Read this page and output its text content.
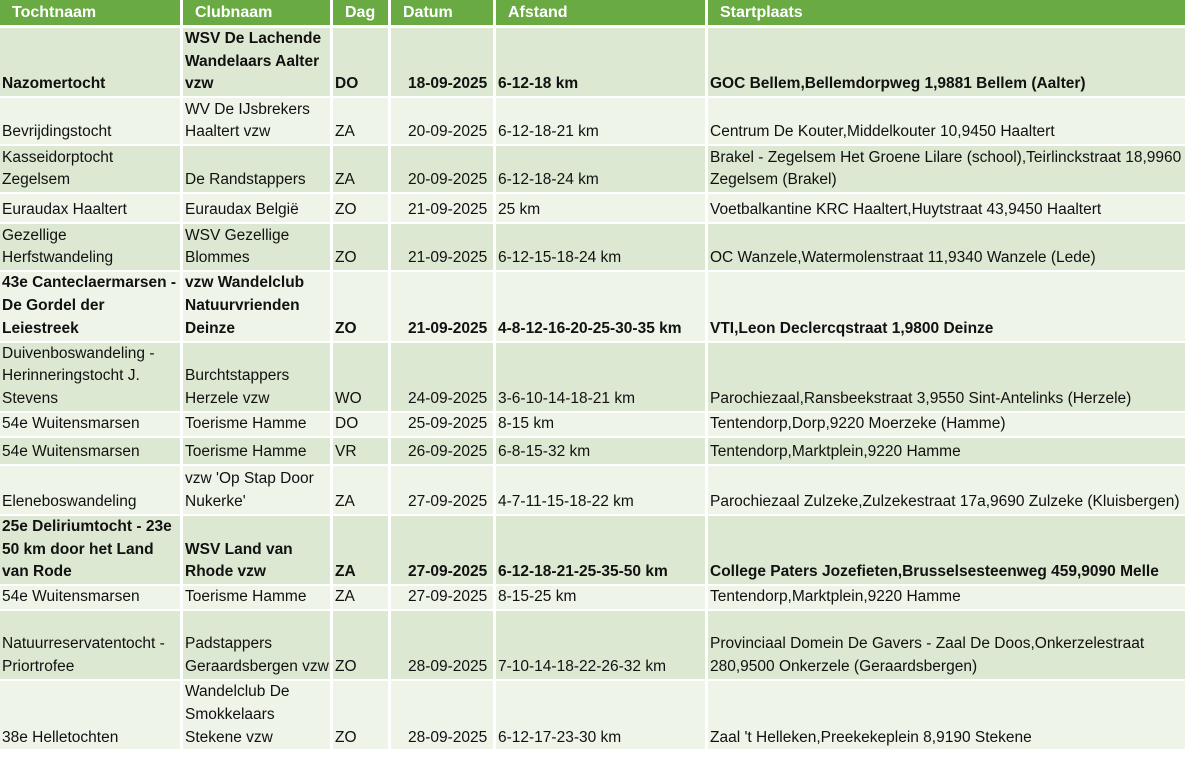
Tochtnaam	Clubnaam	Dag	Datum	Afstand	Startplaats
Nazomertocht	WSV De Lachende Wandelaars Aalter vzw	DO	18-09-2025	6-12-18 km	GOC Bellem,Bellemdorpweg 1,9881 Bellem (Aalter)
Bevrijdingstocht	WV De IJsbrekers Haaltert vzw	ZA	20-09-2025	6-12-18-21 km	Centrum De Kouter,Middelkouter 10,9450 Haaltert
Kasseidorptocht Zegelsem	De Randstappers	ZA	20-09-2025	6-12-18-24 km	Brakel - Zegelsem Het Groene Lilare (school),Teirlinckstraat 18,9960 Zegelsem (Brakel)
Euraudax Haaltert	Euraudax België	ZO	21-09-2025	25 km	Voetbalkantine KRC Haaltert,Huytstraat 43,9450 Haaltert
Gezellige Herfstwandeling	WSV Gezellige Blommes	ZO	21-09-2025	6-12-15-18-24 km	OC Wanzele,Watermolenstraat 11,9340 Wanzele (Lede)
43e Canteclaermarsen - De Gordel der Leiestreek	vzw Wandelclub Natuurvrienden Deinze	ZO	21-09-2025	4-8-12-16-20-25-30-35 km	VTI,Leon Declercqstraat 1,9800 Deinze
Duivenboswandeling - Herinneringstocht J. Stevens	Burchtstappers Herzele vzw	WO	24-09-2025	3-6-10-14-18-21 km	Parochiezaal,Ransbeekstraat 3,9550 Sint-Antelinks (Herzele)
54e Wuitensmarsen	Toerisme Hamme	DO	25-09-2025	8-15 km	Tentendorp,Dorp,9220 Moerzeke (Hamme)
54e Wuitensmarsen	Toerisme Hamme	VR	26-09-2025	6-8-15-32 km	Tentendorp,Marktplein,9220 Hamme
Eleneboswandeling	vzw 'Op Stap Door Nukerke'	ZA	27-09-2025	4-7-11-15-18-22 km	Parochiezaal Zulzeke,Zulzekestraat 17a,9690 Zulzeke (Kluisbergen)
25e Deliriumtocht - 23e 50 km door het Land van Rode	WSV Land van Rhode vzw	ZA	27-09-2025	6-12-18-21-25-35-50 km	College Paters Jozefieten,Brusselsesteenweg 459,9090 Melle
54e Wuitensmarsen	Toerisme Hamme	ZA	27-09-2025	8-15-25 km	Tentendorp,Marktplein,9220 Hamme
Natuurreservatentocht - Priortrofee	Padstappers Geraardsbergen vzw	ZO	28-09-2025	7-10-14-18-22-26-32 km	Provinciaal Domein De Gavers - Zaal De Doos,Onkerzelestraat 280,9500 Onkerzele (Geraardsbergen)
38e Helletochten	Wandelclub De Smokkelaars Stekene vzw	ZO	28-09-2025	6-12-17-23-30 km	Zaal 't Helleken,Preekekeplein 8,9190 Stekene
